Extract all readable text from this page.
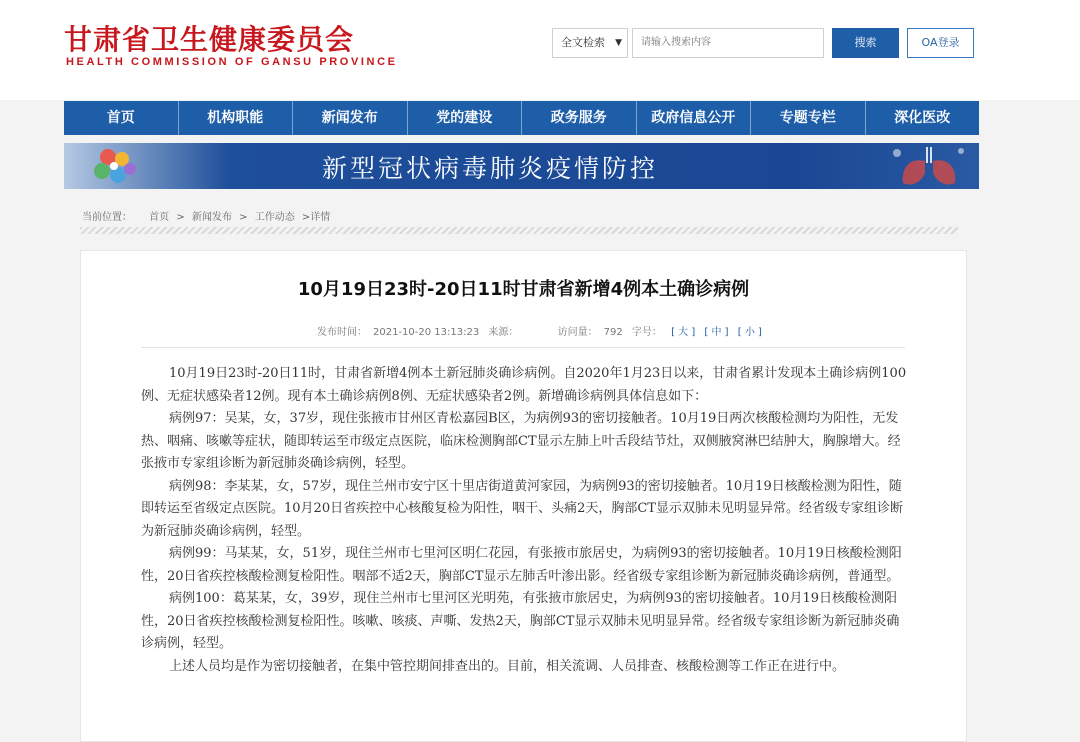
甘肃省卫生健康委员会
HEALTH COMMISSION OF GANSU PROVINCE
全文检索 ▼	请输入搜索内容	搜索	OA登录
首页	机构职能	新闻发布	党的建设	政务服务	政府信息公开	专题专栏	深化医改
新型冠状病毒肺炎疫情防控
当前位置： 首页 > 新闻发布 > 工作动态 >详情
10月19日23时-20日11时甘肃省新增4例本土确诊病例
发布时间： 2021-10-20 13:13:23 来源：	访问量： 792 字号： [ 大 ] [ 中 ] [ 小 ]

10月19日23时-20日11时，甘肃省新增4例本土新冠肺炎确诊病例。自2020年1月23日以来，甘肃省累计发现本土确诊病例100例、无症状感染者12例。现有本土确诊病例8例、无症状感染者2例。新增确诊病例具体信息如下：

病例97：吴某，女，37岁，现住张掖市甘州区青松嘉园B区，为病例93的密切接触者。10月19日两次核酸检测均为阳性，无发热、咽痛、咳嗽等症状，随即转运至市级定点医院，临床检测胸部CT显示左肺上叶舌段结节灶，双侧腋窝淋巴结肿大，胸腺增大。经张掖市专家组诊断为新冠肺炎确诊病例，轻型。

病例98：李某某，女，57岁，现住兰州市安宁区十里店街道黄河家园，为病例93的密切接触者。10月19日核酸检测为阳性，随即转运至省级定点医院。10月20日省疾控中心核酸复检为阳性，咽干、头痛2天，胸部CT显示双肺未见明显异常。经省级专家组诊断为新冠肺炎确诊病例，轻型。

病例99：马某某，女，51岁，现住兰州市七里河区明仁花园，有张掖市旅居史，为病例93的密切接触者。10月19日核酸检测阳性，20日省疾控核酸检测复检阳性。咽部不适2天，胸部CT显示左肺舌叶渗出影。经省级专家组诊断为新冠肺炎确诊病例，普通型。

病例100：葛某某，女，39岁，现住兰州市七里河区光明苑，有张掖市旅居史，为病例93的密切接触者。10月19日核酸检测阳性，20日省疾控核酸检测复检阳性。咳嗽、咳痰、声嘶、发热2天，胸部CT显示双肺未见明显异常。经省级专家组诊断为新冠肺炎确诊病例，轻型。

上述人员均是作为密切接触者，在集中管控期间排查出的。目前，相关流调、人员排查、核酸检测等工作正在进行中。
